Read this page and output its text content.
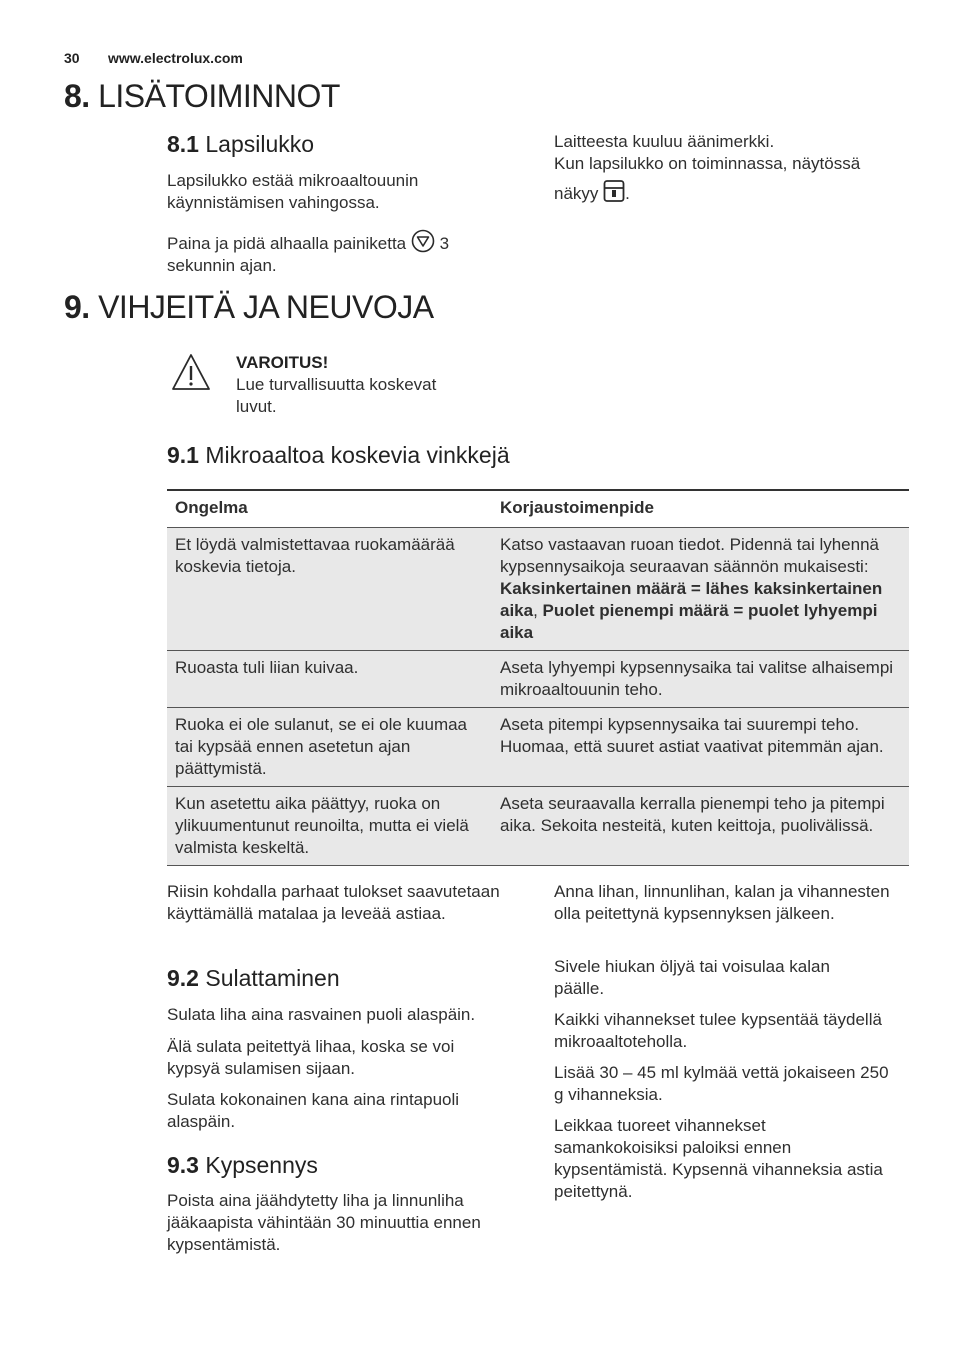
30 www.electrolux.com
8. LISÄTOIMINNOT
8.1 Lapsilukko
Lapsilukko estää mikroaaltouunin käynnistämisen vahingossa.
Paina ja pidä alhaalla painiketta 3
sekunnin ajan.
Laitteesta kuuluu äänimerkki.
Kun lapsilukko on toiminnassa, näytössä
näkyy .
9. VIHJEITÄ JA NEUVOJA
VAROITUS!
Lue turvallisuutta koskevat
luvut.
9.1 Mikroaaltoa koskevia vinkkejä
Ongelma	Korjaustoimenpide
Et löydä valmistettavaa ruokamäärää koskevia tietoja.	Katso vastaavan ruoan tiedot. Pidennä tai lyhennä kypsennysaikoja seuraavan säännön mukaisesti: Kaksinkertainen määrä = lähes kaksinkertainen aika, Puolet pienempi määrä = puolet lyhyempi aika
Ruoasta tuli liian kuivaa.	Aseta lyhyempi kypsennysaika tai valitse alhaisempi mikroaaltouunin teho.
Ruoka ei ole sulanut, se ei ole kuumaa tai kypsää ennen asetetun ajan päättymistä.	Aseta pitempi kypsennysaika tai suurempi teho. Huomaa, että suuret astiat vaativat pitemmän ajan.
Kun asetettu aika päättyy, ruoka on ylikuumentunut reunoilta, mutta ei vielä valmista keskeltä.	Aseta seuraavalla kerralla pienempi teho ja pitempi aika. Sekoita nesteitä, kuten keittoja, puolivälissä.
Riisin kohdalla parhaat tulokset saavutetaan käyttämällä matalaa ja leveää astiaa.
9.2 Sulattaminen
Sulata liha aina rasvainen puoli alaspäin.
Älä sulata peitettyä lihaa, koska se voi kypsyä sulamisen sijaan.
Sulata kokonainen kana aina rintapuoli alaspäin.
9.3 Kypsennys
Poista aina jäähdytetty liha ja linnunliha jääkaapista vähintään 30 minuuttia ennen kypsentämistä.
Anna lihan, linnunlihan, kalan ja vihannesten olla peitettynä kypsennyksen jälkeen.
Sivele hiukan öljyä tai voisulaa kalan päälle.
Kaikki vihannekset tulee kypsentää täydellä mikroaaltoteholla.
Lisää 30 – 45 ml kylmää vettä jokaiseen 250 g vihanneksia.
Leikkaa tuoreet vihannekset samankokoisiksi paloiksi ennen kypsentämistä. Kypsennä vihanneksia astia peitettynä.
